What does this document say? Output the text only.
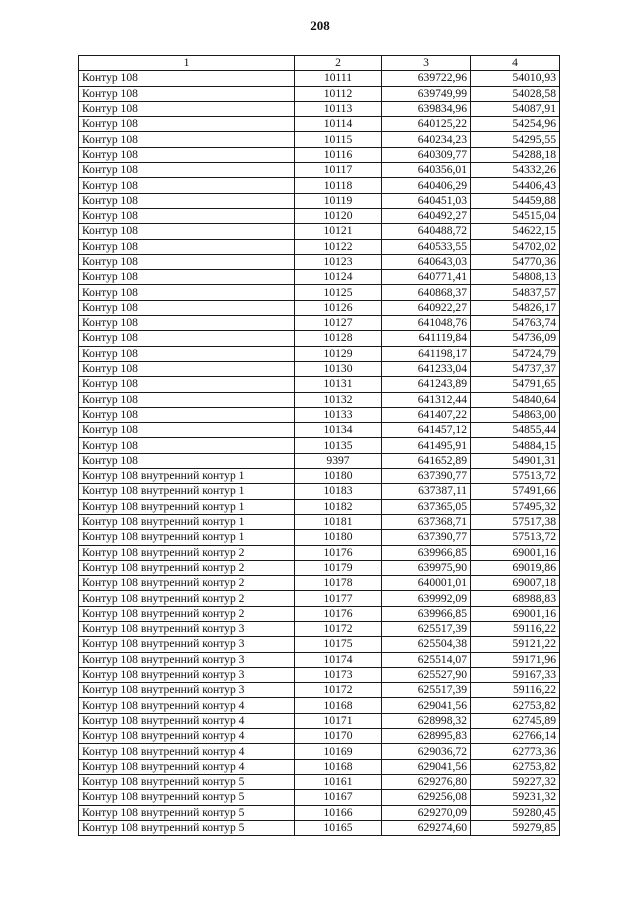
208
1	2	3	4
Контур 108	10111	639722,96	54010,93
Контур 108	10112	639749,99	54028,58
Контур 108	10113	639834,96	54087,91
Контур 108	10114	640125,22	54254,96
Контур 108	10115	640234,23	54295,55
Контур 108	10116	640309,77	54288,18
Контур 108	10117	640356,01	54332,26
Контур 108	10118	640406,29	54406,43
Контур 108	10119	640451,03	54459,88
Контур 108	10120	640492,27	54515,04
Контур 108	10121	640488,72	54622,15
Контур 108	10122	640533,55	54702,02
Контур 108	10123	640643,03	54770,36
Контур 108	10124	640771,41	54808,13
Контур 108	10125	640868,37	54837,57
Контур 108	10126	640922,27	54826,17
Контур 108	10127	641048,76	54763,74
Контур 108	10128	641119,84	54736,09
Контур 108	10129	641198,17	54724,79
Контур 108	10130	641233,04	54737,37
Контур 108	10131	641243,89	54791,65
Контур 108	10132	641312,44	54840,64
Контур 108	10133	641407,22	54863,00
Контур 108	10134	641457,12	54855,44
Контур 108	10135	641495,91	54884,15
Контур 108	9397	641652,89	54901,31
Контур 108 внутренний контур 1	10180	637390,77	57513,72
Контур 108 внутренний контур 1	10183	637387,11	57491,66
Контур 108 внутренний контур 1	10182	637365,05	57495,32
Контур 108 внутренний контур 1	10181	637368,71	57517,38
Контур 108 внутренний контур 1	10180	637390,77	57513,72
Контур 108 внутренний контур 2	10176	639966,85	69001,16
Контур 108 внутренний контур 2	10179	639975,90	69019,86
Контур 108 внутренний контур 2	10178	640001,01	69007,18
Контур 108 внутренний контур 2	10177	639992,09	68988,83
Контур 108 внутренний контур 2	10176	639966,85	69001,16
Контур 108 внутренний контур 3	10172	625517,39	59116,22
Контур 108 внутренний контур 3	10175	625504,38	59121,22
Контур 108 внутренний контур 3	10174	625514,07	59171,96
Контур 108 внутренний контур 3	10173	625527,90	59167,33
Контур 108 внутренний контур 3	10172	625517,39	59116,22
Контур 108 внутренний контур 4	10168	629041,56	62753,82
Контур 108 внутренний контур 4	10171	628998,32	62745,89
Контур 108 внутренний контур 4	10170	628995,83	62766,14
Контур 108 внутренний контур 4	10169	629036,72	62773,36
Контур 108 внутренний контур 4	10168	629041,56	62753,82
Контур 108 внутренний контур 5	10161	629276,80	59227,32
Контур 108 внутренний контур 5	10167	629256,08	59231,32
Контур 108 внутренний контур 5	10166	629270,09	59280,45
Контур 108 внутренний контур 5	10165	629274,60	59279,85
